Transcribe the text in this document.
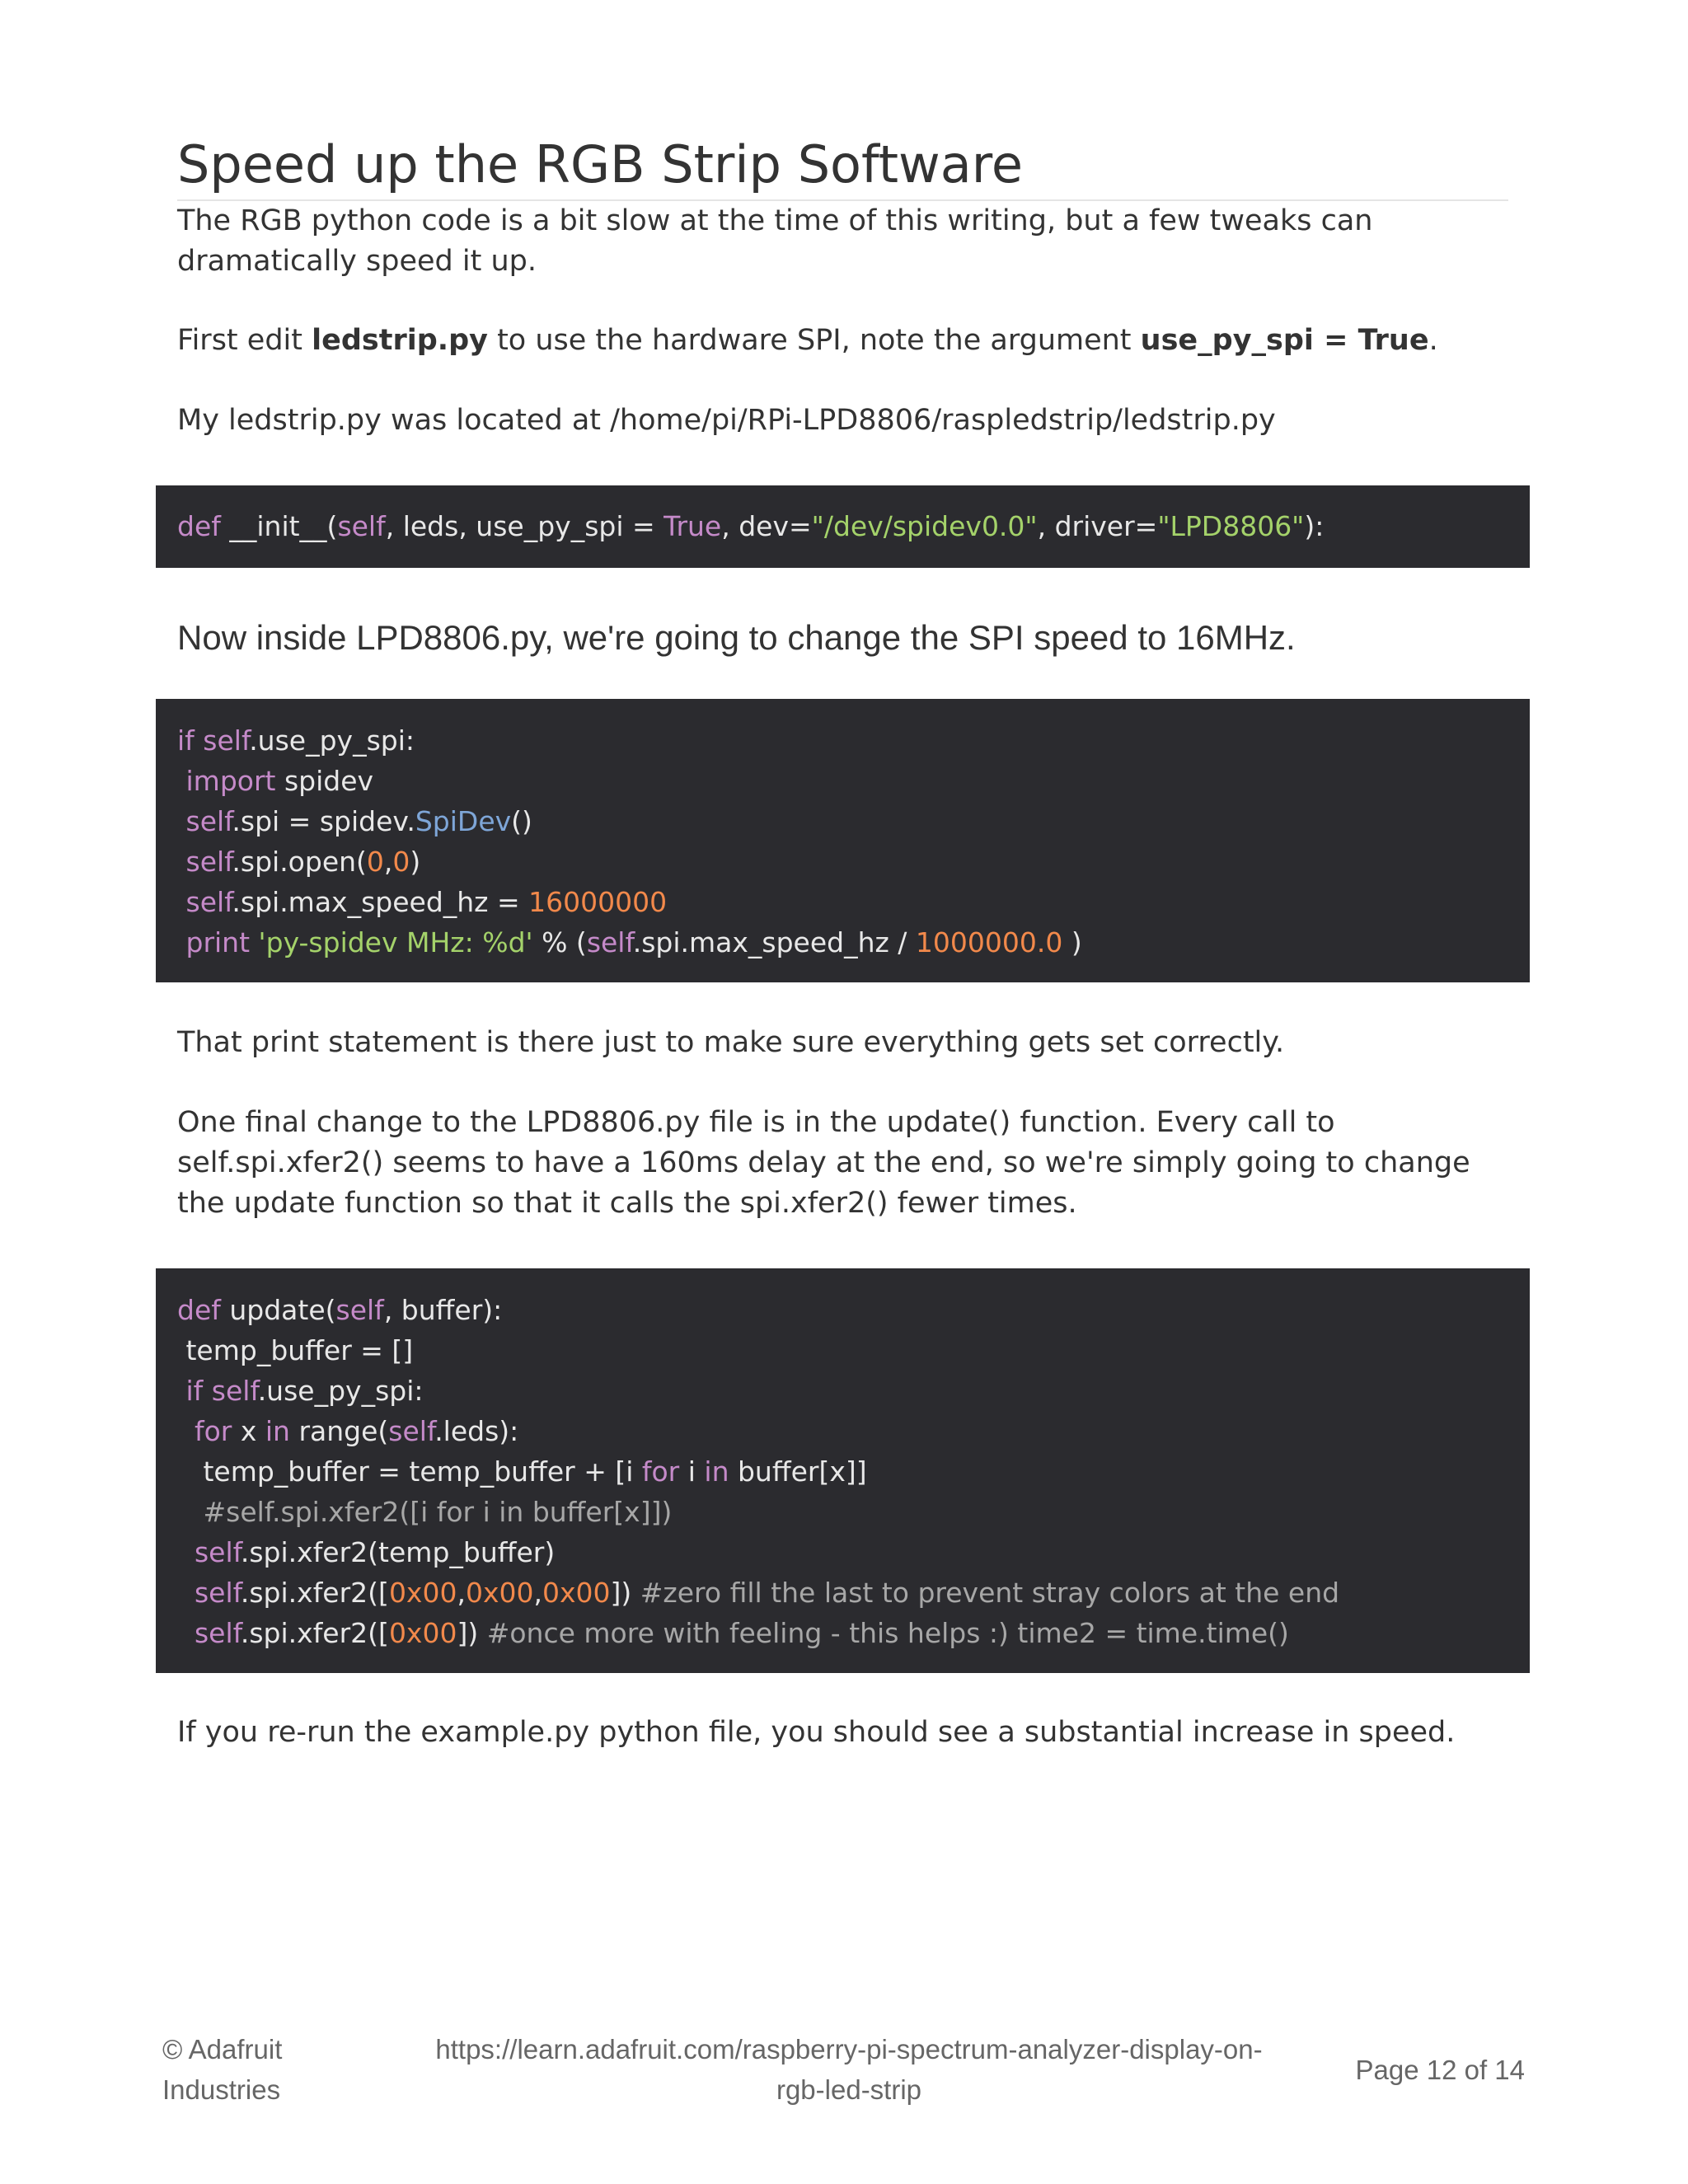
Speed up the RGB Strip Software

The RGB python code is a bit slow at the time of this writing, but a few tweaks can dramatically speed it up.

First edit ledstrip.py to use the hardware SPI, note the argument use_py_spi = True.

My ledstrip.py was located at /home/pi/RPi-LPD8806/raspledstrip/ledstrip.py

def __init__(self, leds, use_py_spi = True, dev="/dev/spidev0.0", driver="LPD8806"):

Now inside LPD8806.py, we're going to change the SPI speed to 16MHz.

if self.use_py_spi:
import spidev
self.spi = spidev.SpiDev()
self.spi.open(0,0)
self.spi.max_speed_hz = 16000000
print 'py-spidev MHz: %d' % (self.spi.max_speed_hz / 1000000.0 )

That print statement is there just to make sure everything gets set correctly.

One final change to the LPD8806.py file is in the update() function. Every call to self.spi.xfer2() seems to have a 160ms delay at the end, so we're simply going to change the update function so that it calls the spi.xfer2() fewer times.

def update(self, buffer):
temp_buffer = []
if self.use_py_spi:
for x in range(self.leds):
temp_buffer = temp_buffer + [i for i in buffer[x]]
#self.spi.xfer2([i for i in buffer[x]])
self.spi.xfer2(temp_buffer)
self.spi.xfer2([0x00,0x00,0x00]) #zero fill the last to prevent stray colors at the end
self.spi.xfer2([0x00]) #once more with feeling - this helps :) time2 = time.time()

If you re-run the example.py python file, you should see a substantial increase in speed.

© Adafruit
Industries
https://learn.adafruit.com/raspberry-pi-spectrum-analyzer-display-on-
rgb-led-strip
Page 12 of 14
